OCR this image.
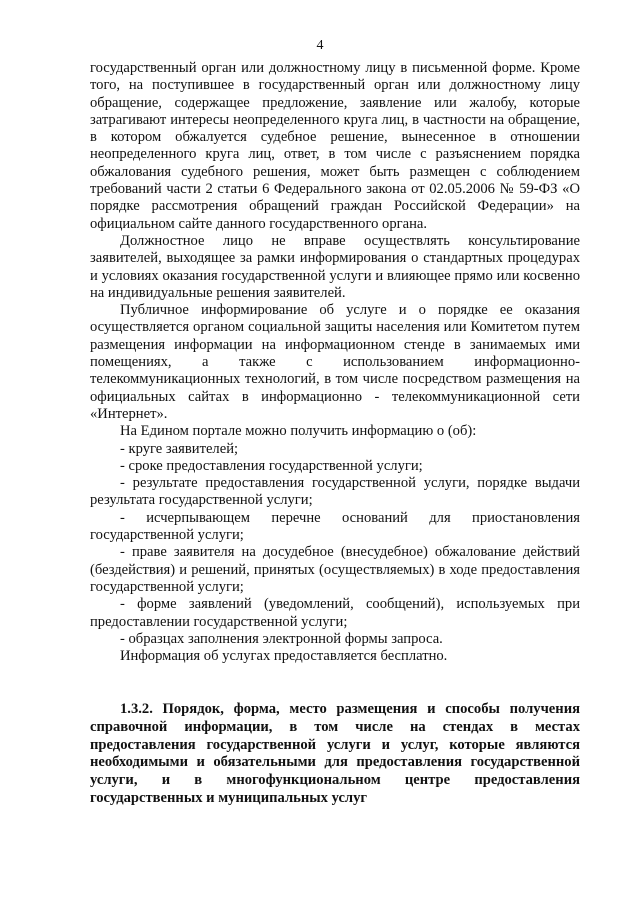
4

государственный орган или должностному лицу в письменной форме. Кроме того, на поступившее в государственный орган или должностному лицу обращение, содержащее предложение, заявление или жалобу, которые затрагивают интересы неопределенного круга лиц, в частности на обращение, в котором обжалуется судебное решение, вынесенное в отношении неопределенного круга лиц, ответ, в том числе с разъяснением порядка обжалования судебного решения, может быть размещен с соблюдением требований части 2 статьи 6 Федерального закона от 02.05.2006 № 59-ФЗ «О порядке рассмотрения обращений граждан Российской Федерации» на официальном сайте данного государственного органа.

Должностное лицо не вправе осуществлять консультирование заявителей, выходящее за рамки информирования о стандартных процедурах и условиях оказания государственной услуги и влияющее прямо или косвенно на индивидуальные решения заявителей.

Публичное информирование об услуге и о порядке ее оказания осуществляется органом социальной защиты населения или Комитетом путем размещения информации на информационном стенде в занимаемых ими помещениях, а также с использованием информационно-телекоммуникационных технологий, в том числе посредством размещения на официальных сайтах в информационно - телекоммуникационной сети «Интернет».

На Едином портале можно получить информацию о (об):

- круге заявителей;

- сроке предоставления государственной услуги;

- результате предоставления государственной услуги, порядке выдачи результата государственной услуги;

- исчерпывающем перечне оснований для приостановления государственной услуги;

- праве заявителя на досудебное (внесудебное) обжалование действий (бездействия) и решений, принятых (осуществляемых) в ходе предоставления государственной услуги;

- форме заявлений (уведомлений, сообщений), используемых при предоставлении государственной услуги;

- образцах заполнения электронной формы запроса.

Информация об услугах предоставляется бесплатно.

1.3.2. Порядок, форма, место размещения и способы получения справочной информации, в том числе на стендах в местах предоставления государственной услуги и услуг, которые являются необходимыми и обязательными для предоставления государственной услуги, и в многофункциональном центре предоставления государственных и муниципальных услуг
